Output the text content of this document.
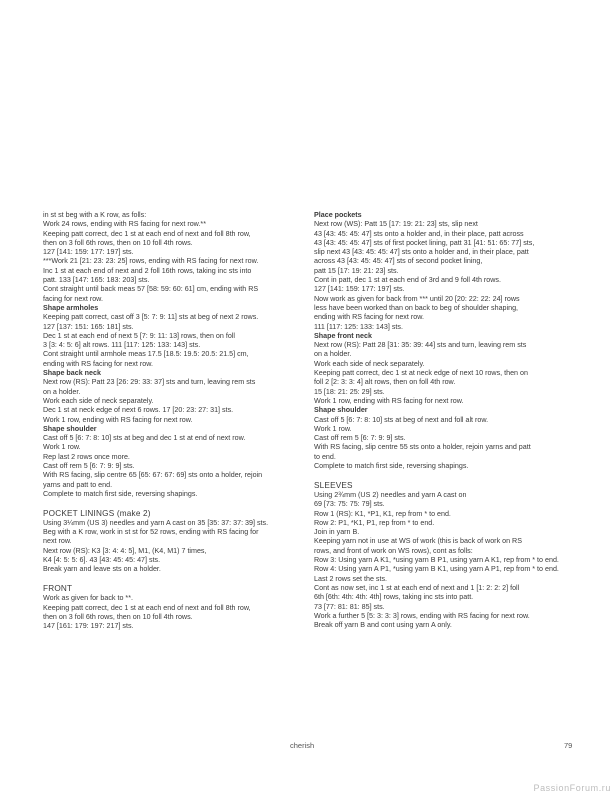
in st st beg with a K row, as folls:
Work 24 rows, ending with RS facing for next row.**
Keeping patt correct, dec 1 st at each end of next and foll 8th row,
then on 3 foll 6th rows, then on 10 foll 4th rows.
127 [141: 159: 177: 197] sts.
***Work 21 [21: 23: 23: 25] rows, ending with RS facing for next row.
Inc 1 st at each end of next and 2 foll 16th rows, taking inc sts into
patt. 133 [147: 165: 183: 203] sts.
Cont straight until back meas 57 [58: 59: 60: 61] cm, ending with RS
facing for next row.
Shape armholes
Keeping patt correct, cast off 3 [5: 7: 9: 11] sts at beg of next 2 rows.
127 [137: 151: 165: 181] sts.
Dec 1 st at each end of next 5 [7: 9: 11: 13] rows, then on foll
3 [3: 4: 5: 6] alt rows. 111 [117: 125: 133: 143] sts.
Cont straight until armhole meas 17.5 [18.5: 19.5: 20.5: 21.5] cm,
ending with RS facing for next row.
Shape back neck
Next row (RS): Patt 23 [26: 29: 33: 37] sts and turn, leaving rem sts
on a holder.
Work each side of neck separately.
Dec 1 st at neck edge of next 6 rows. 17 [20: 23: 27: 31] sts.
Work 1 row, ending with RS facing for next row.
Shape shoulder
Cast off 5 [6: 7: 8: 10] sts at beg and dec 1 st at end of next row.
Work 1 row.
Rep last 2 rows once more.
Cast off rem 5 [6: 7: 9: 9] sts.
With RS facing, slip centre 65 [65: 67: 67: 69] sts onto a holder, rejoin
yarns and patt to end.
Complete to match first side, reversing shapings.
POCKET LININGS (make 2)
Using 3¼mm (US 3) needles and yarn A cast on 35 [35: 37: 37: 39] sts.
Beg with a K row, work in st st for 52 rows, ending with RS facing for
next row.
Next row (RS): K3 [3: 4: 4: 5], M1, (K4, M1) 7 times,
K4 [4: 5: 5: 6]. 43 [43: 45: 45: 47] sts.
Break yarn and leave sts on a holder.
FRONT
Work as given for back to **.
Keeping patt correct, dec 1 st at each end of next and foll 8th row,
then on 3 foll 6th rows, then on 10 foll 4th rows.
147 [161: 179: 197: 217] sts.
Place pockets
Next row (WS): Patt 15 [17: 19: 21: 23] sts, slip next
43 [43: 45: 45: 47] sts onto a holder and, in their place, patt across
43 [43: 45: 45: 47] sts of first pocket lining, patt 31 [41: 51: 65: 77] sts,
slip next 43 [43: 45: 45: 47] sts onto a holder and, in their place, patt
across 43 [43: 45: 45: 47] sts of second pocket lining,
patt 15 [17: 19: 21: 23] sts.
Cont in patt, dec 1 st at each end of 3rd and 9 foll 4th rows.
127 [141: 159: 177: 197] sts.
Now work as given for back from *** until 20 [20: 22: 22: 24] rows
less have been worked than on back to beg of shoulder shaping,
ending with RS facing for next row.
111 [117: 125: 133: 143] sts.
Shape front neck
Next row (RS): Patt 28 [31: 35: 39: 44] sts and turn, leaving rem sts
on a holder.
Work each side of neck separately.
Keeping patt correct, dec 1 st at neck edge of next 10 rows, then on
foll 2 [2: 3: 3: 4] alt rows, then on foll 4th row.
15 [18: 21: 25: 29] sts.
Work 1 row, ending with RS facing for next row.
Shape shoulder
Cast off 5 [6: 7: 8: 10] sts at beg of next and foll alt row.
Work 1 row.
Cast off rem 5 [6: 7: 9: 9] sts.
With RS facing, slip centre 55 sts onto a holder, rejoin yarns and patt
to end.
Complete to match first side, reversing shapings.
SLEEVES
Using 2¾mm (US 2) needles and yarn A cast on
69 [73: 75: 75: 79] sts.
Row 1 (RS): K1, *P1, K1, rep from * to end.
Row 2: P1, *K1, P1, rep from * to end.
Join in yarn B.
Keeping yarn not in use at WS of work (this is back of work on RS
rows, and front of work on WS rows), cont as folls:
Row 3: Using yarn A K1, *using yarn B P1, using yarn A K1, rep from * to end.
Row 4: Using yarn A P1, *using yarn B K1, using yarn A P1, rep from * to end.
Last 2 rows set the sts.
Cont as now set, inc 1 st at each end of next and 1 [1: 2: 2: 2] foll
6th [6th: 4th: 4th: 4th] rows, taking inc sts into patt.
73 [77: 81: 81: 85] sts.
Work a further 5 [5: 3: 3: 3] rows, ending with RS facing for next row.
Break off yarn B and cont using yarn A only.
cherish	79
PassionForum.ru
